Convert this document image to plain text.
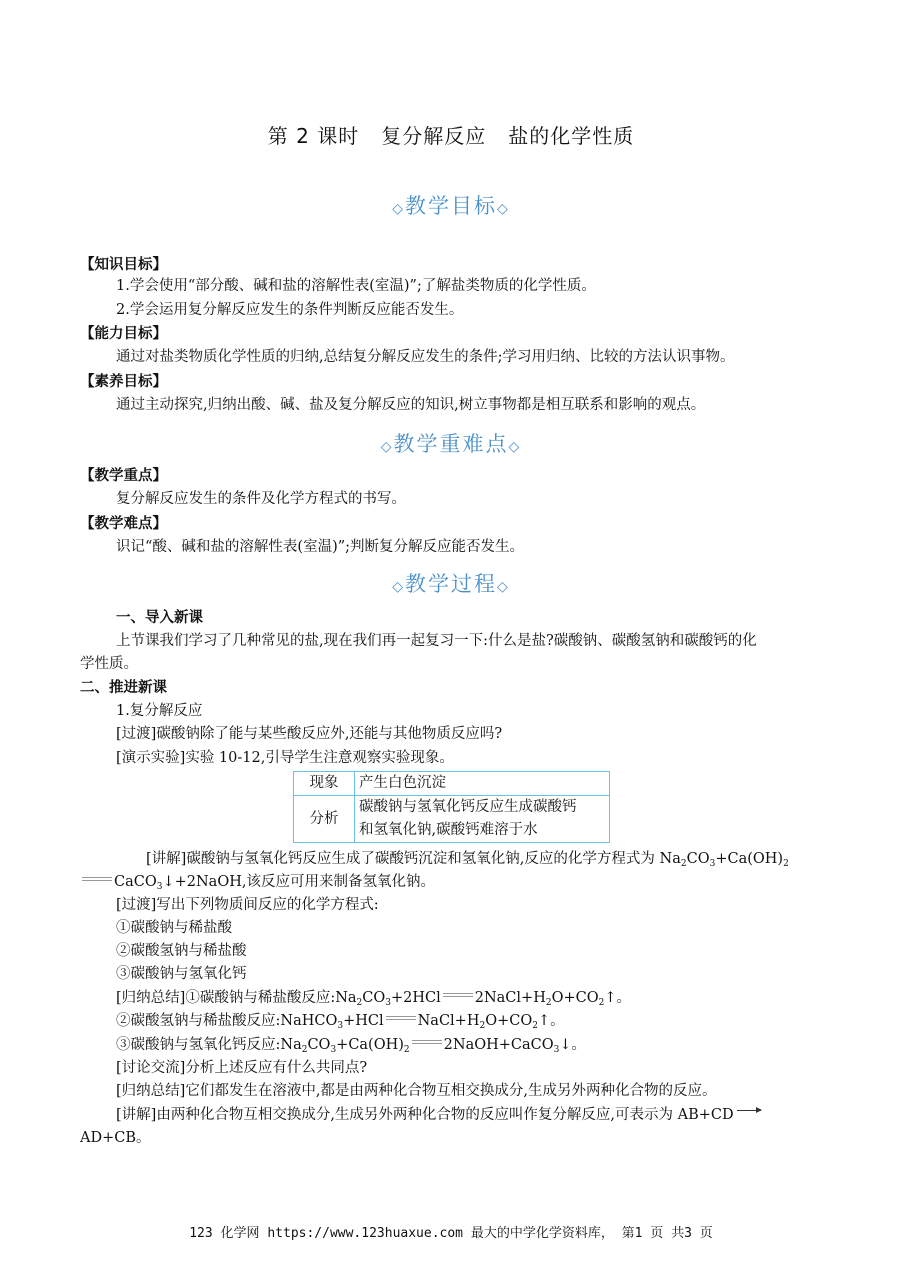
第 2 课时 复分解反应 盐的化学性质
◇教学目标◇
【知识目标】
1.学会使用“部分酸、碱和盐的溶解性表(室温)”;了解盐类物质的化学性质。
2.学会运用复分解反应发生的条件判断反应能否发生。
【能力目标】
通过对盐类物质化学性质的归纳,总结复分解反应发生的条件;学习用归纳、比较的方法认识事物。
【素养目标】
通过主动探究,归纳出酸、碱、盐及复分解反应的知识,树立事物都是相互联系和影响的观点。
◇教学重难点◇
【教学重点】
复分解反应发生的条件及化学方程式的书写。
【教学难点】
识记“酸、碱和盐的溶解性表(室温)”;判断复分解反应能否发生。
◇教学过程◇
一、导入新课
上节课我们学习了几种常见的盐,现在我们再一起复习一下:什么是盐?碳酸钠、碳酸氢钠和碳酸钙的化
学性质。
二、推进新课
1.复分解反应
[过渡]碳酸钠除了能与某些酸反应外,还能与其他物质反应吗?
[演示实验]实验 10-12,引导学生注意观察实验现象。
现象	产生白色沉淀
分析	碳酸钠与氢氧化钙反应生成碳酸钙
和氢氧化钠,碳酸钙难溶于水
[讲解]碳酸钠与氢氧化钙反应生成了碳酸钙沉淀和氢氧化钠,反应的化学方程式为 $Na_2CO_3+Ca(OH)_2$
CaCO$_3$↓+2NaOH,该反应可用来制备氢氧化钠。
[过渡]写出下列物质间反应的化学方程式:
①碳酸钠与稀盐酸
②碳酸氢钠与稀盐酸
③碳酸钠与氢氧化钙
[归纳总结]①碳酸钠与稀盐酸反应$:Na_2CO_3+2HCl$ $2NaCl+H_2O+CO_2↑$。
②碳酸氢钠与稀盐酸反应:NaHCO$_3$+HCl $NaCl+H_2O+CO_2↑$。
③碳酸钠与氢氧化钙反应$:Na_2CO_3+Ca(OH)_2$ 2NaOH+CaCO$_3$↓。
[讨论交流]分析上述反应有什么共同点?
[归纳总结]它们都发生在溶液中,都是由两种化合物互相交换成分,生成另外两种化合物的反应。
[讲解]由两种化合物互相交换成分,生成另外两种化合物的反应叫作复分解反应,可表示为 AB+CD
AD+CB。
123 化学网 https://www.123huaxue.com 最大的中学化学资料库， 第1 页 共3 页
